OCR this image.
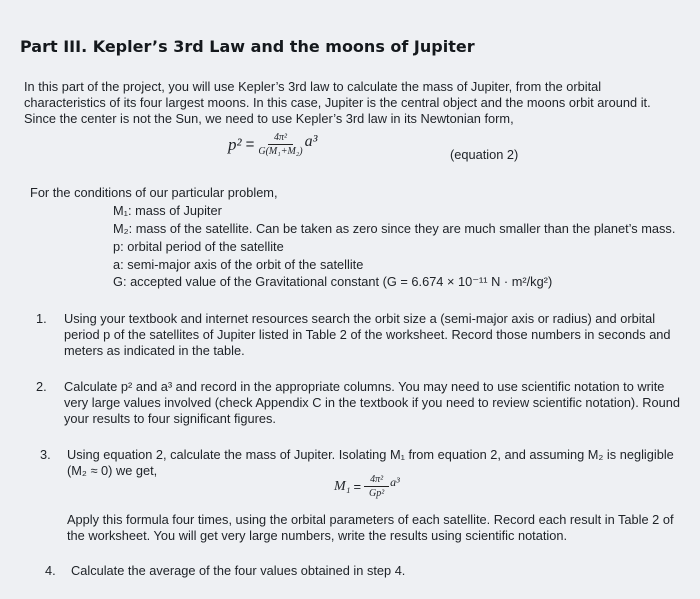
Part III. Kepler’s 3rd Law and the moons of Jupiter
In this part of the project, you will use Kepler’s 3rd law to calculate the mass of Jupiter, from the orbital
characteristics of its four largest moons. In this case, Jupiter is the central object and the moons orbit around it.
Since the center is not the Sun, we need to use Kepler’s 3rd law in its Newtonian form,
$p^2 = \frac{\text{4π²}}{\text{G(M₁+M₂)}} a^3$
(equation 2)
For the conditions of our particular problem,
M₁: mass of Jupiter
M₂: mass of the satellite. Can be taken as zero since they are much smaller than the planet’s mass.
p: orbital period of the satellite
a: semi-major axis of the orbit of the satellite
G: accepted value of the Gravitational constant (G = 6.674 × 10⁻¹¹ N · m²/kg²)
1. Using your textbook and internet resources search the orbit size a (semi-major axis or radius) and orbital
period p of the satellites of Jupiter listed in Table 2 of the worksheet. Record those numbers in seconds and
meters as indicated in the table.
2. Calculate p² and a³ and record in the appropriate columns. You may need to use scientific notation to write
very large values involved (check Appendix C in the textbook if you need to review scientific notation). Round
your results to four significant figures.
3. Using equation 2, calculate the mass of Jupiter. Isolating M₁ from equation 2, and assuming M₂ is negligible
(M₂ ≈ 0) we get,
$M_1 = \frac{\text{4π²}}{\text{Gp²}} a^3$
Apply this formula four times, using the orbital parameters of each satellite. Record each result in Table 2 of
the worksheet. You will get very large numbers, write the results using scientific notation.
4. Calculate the average of the four values obtained in step 4.
